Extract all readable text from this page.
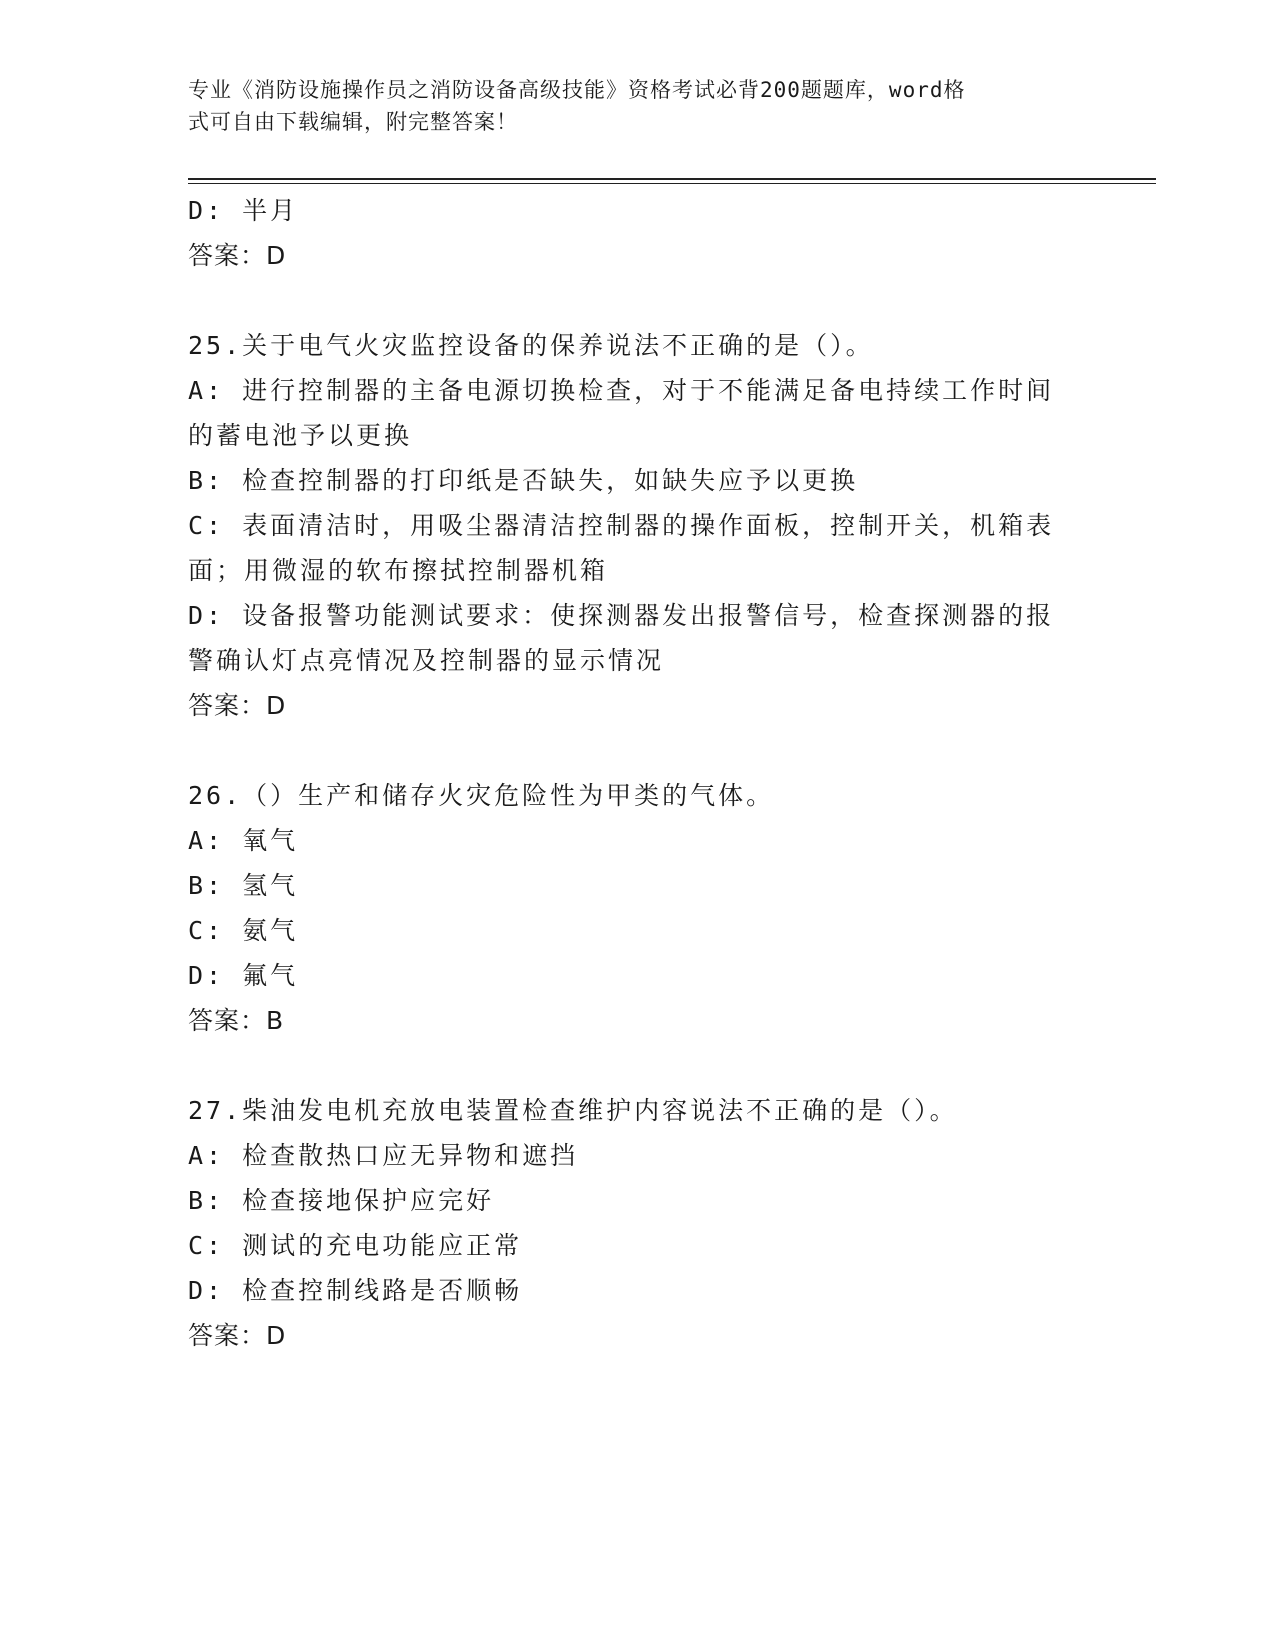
专业《消防设施操作员之消防设备高级技能》资格考试必背200题题库，word格
式可自由下载编辑，附完整答案！
D: 半月
答案：D
25.关于电气火灾监控设备的保养说法不正确的是（）。
A: 进行控制器的主备电源切换检查，对于不能满足备电持续工作时间
的蓄电池予以更换
B: 检查控制器的打印纸是否缺失，如缺失应予以更换
C: 表面清洁时，用吸尘器清洁控制器的操作面板，控制开关，机箱表
面；用微湿的软布擦拭控制器机箱
D: 设备报警功能测试要求：使探测器发出报警信号，检查探测器的报
警确认灯点亮情况及控制器的显示情况
答案：D
26.（）生产和储存火灾危险性为甲类的气体。
A: 氧气
B: 氢气
C: 氨气
D: 氟气
答案：B
27.柴油发电机充放电装置检查维护内容说法不正确的是（）。
A: 检查散热口应无异物和遮挡
B: 检查接地保护应完好
C: 测试的充电功能应正常
D: 检查控制线路是否顺畅
答案：D
